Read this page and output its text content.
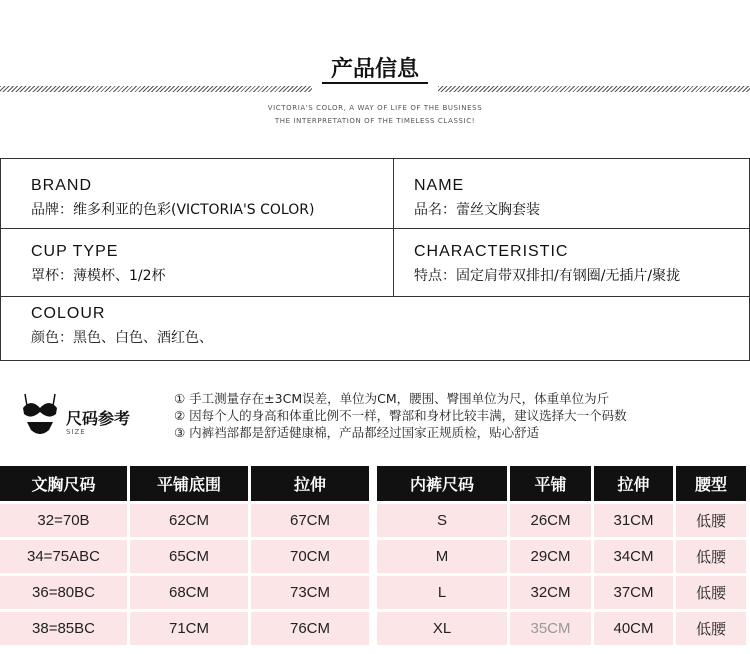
产品信息
VICTORIA'S COLOR, A WAY OF LIFE OF THE BUSINESS
THE INTERPRETATION OF THE TIMELESS CLASSIC!
BRAND
品牌：维多利亚的色彩(VICTORIA'S COLOR)
NAME
品名：蕾丝文胸套装
CUP TYPE
罩杯：薄模杯、1/2杯
CHARACTERISTIC
特点：固定肩带双排扣/有钢圈/无插片/聚拢
COLOUR
颜色：黑色、白色、酒红色、
尺码参考
SIZE
① 手工测量存在±3CM误差，单位为CM，腰围、臀围单位为尺，体重单位为斤
② 因每个人的身高和体重比例不一样，臀部和身材比较丰满，建议选择大一个码数
③ 内裤裆部都是舒适健康棉，产品都经过国家正规质检，贴心舒适
文胸尺码	平铺底围	拉伸
32=70B	62CM	67CM
34=75ABC	65CM	70CM
36=80BC	68CM	73CM
38=85BC	71CM	76CM
内裤尺码	平铺	拉伸	腰型
S	26CM	31CM	低腰
M	29CM	34CM	低腰
L	32CM	37CM	低腰
XL	35CM	40CM	低腰
